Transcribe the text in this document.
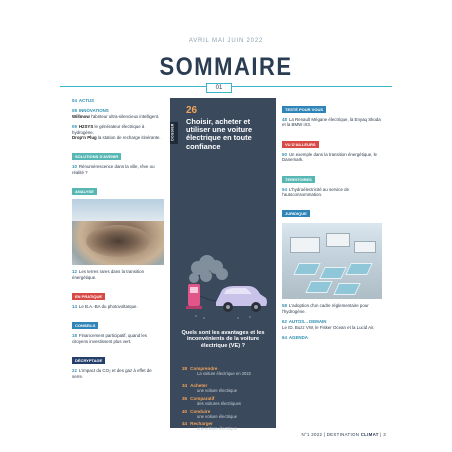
AVRIL MAI JUIN 2022
SOMMAIRE
01
04 ACTUS
08 INNOVATIONS
Willmow l'abriteur ultra-silencieux intelligent.
09 H2SYS le générateur électrique à hydrogène.
Drop'n Plug la station de recharge itinérante.
SOLUTIONS D'AVENIR
10 Rénumérescence dans la ville, rêve ou réalité ?
ANALYSE
12 Les terres rares dans la transition énergétique.
EN PRATIQUE
14 Le B.A.-BA du photovoltaïque.
CONSEILS
18 Financement participatif, quand les citoyens investissent plus vert.
DÉCRYPTAGE
22 L'impact du CO₂ et des gaz à effet de serre.
DOSSIER
26
Choisir, acheter et utiliser une voiture électrique en toute confiance
Quels sont les avantages et les inconvénients de la voiture électrique (VE) ?
28 Comprendre
La voiture électrique en 2022
34 Acheter
une voiture électrique
36 Comparatif
des voitures électriques
40 Conduire
une voiture électrique
44 Recharger
une voiture électrique
TESTÉ POUR VOUS
48 La Renault Mégane électrique, la Enyaq Skoda et la BMW iX3.
VU D'AILLEURS
50 Un exemple dans la transition énergétique, le Danemark.
TERRITOIRES
54 L'hydroélectricité au service de l'autoconsommation.
JURIDIQUE
58 L'adoption d'un cadre réglementaire pour l'hydrogène.
62 AUTOS... DEMAIN
Le ID. Buzz VW, le Fisker Ocean et la Lucid Air.
64 AGENDA
N°1 2022 | DESTINATION CLIMAT | 3
